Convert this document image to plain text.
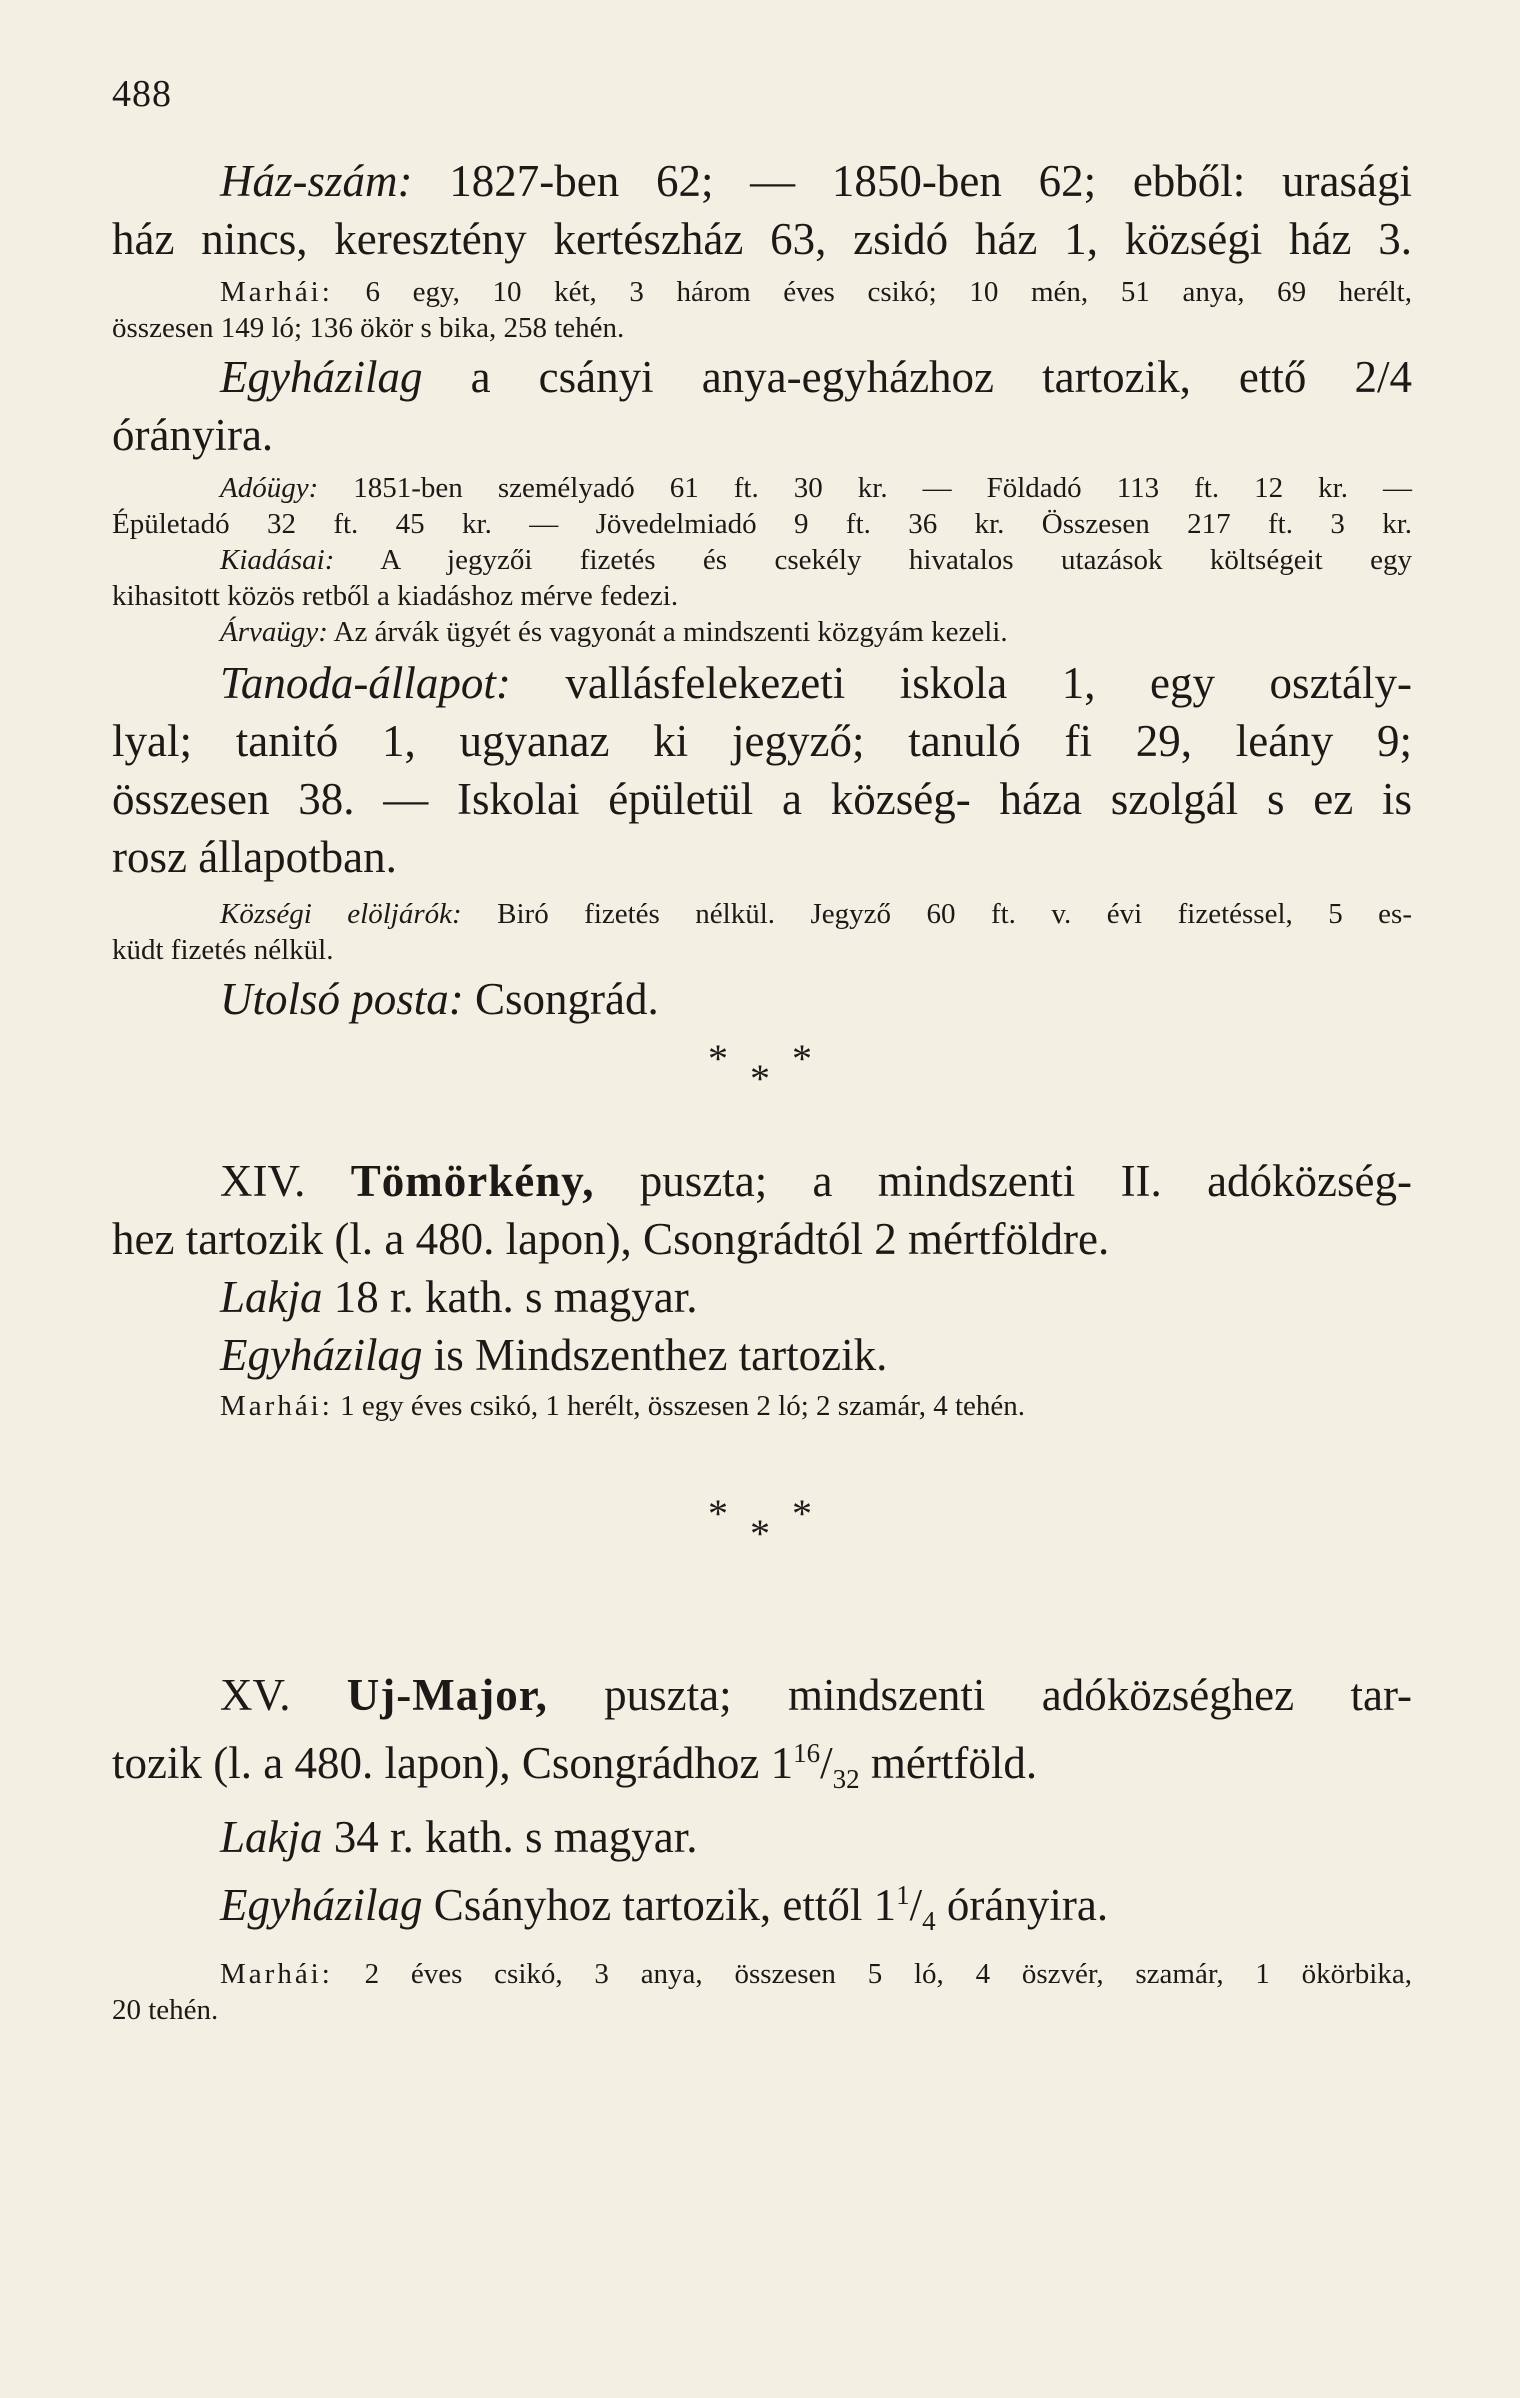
488
Ház-szám: 1827-ben 62; — 1850-ben 62; ebből: urasági
ház nincs, keresztény kertészház 63, zsidó ház 1, községi ház 3.
Marhái: 6 egy, 10 két, 3 három éves csikó; 10 mén, 51 anya, 69 herélt,
összesen 149 ló; 136 ökör s bika, 258 tehén.
Egyházilag a csányi anya-egyházhoz tartozik, ettő 2/4
órányira.
Adóügy: 1851-ben személyadó 61 ft. 30 kr. — Földadó 113 ft. 12 kr. —
Épületadó 32 ft. 45 kr. — Jövedelmiadó 9 ft. 36 kr. Összesen 217 ft. 3 kr.
Kiadásai: A jegyzői fizetés és csekély hivatalos utazások költségeit egy
kihasitott közös retből a kiadáshoz mérve fedezi.
Árvaügy: Az árvák ügyét és vagyonát a mindszenti közgyám kezeli.
Tanoda-állapot: vallásfelekezeti iskola 1, egy osztály-
lyal; tanitó 1, ugyanaz ki jegyző; tanuló fi 29, leány 9;
összesen 38. — Iskolai épületül a község- háza szolgál s ez is
rosz állapotban.
Községi elöljárók: Biró fizetés nélkül. Jegyző 60 ft. v. évi fizetéssel, 5 es-
küdt fizetés nélkül.
Utolsó posta: Csongrád.
* * *
XIV. Tömörkény, puszta; a mindszenti II. adóközség-
hez tartozik (l. a 480. lapon), Csongrádtól 2 mértföldre.
Lakja 18 r. kath. s magyar.
Egyházilag is Mindszenthez tartozik.
Marhái: 1 egy éves csikó, 1 herélt, összesen 2 ló; 2 szamár, 4 tehén.
* * *
XV. Uj-Major, puszta; mindszenti adóközséghez tar-
tozik (l. a 480. lapon), Csongrádhoz $1^{16}/_{32}$ mértföld.
Lakja 34 r. kath. s magyar.
Egyházilag Csányhoz tartozik, ettől $1^1/_4$ órányira.
Marhái: 2 éves csikó, 3 anya, összesen 5 ló, 4 öszvér, szamár, 1 ökörbika,
20 tehén.
